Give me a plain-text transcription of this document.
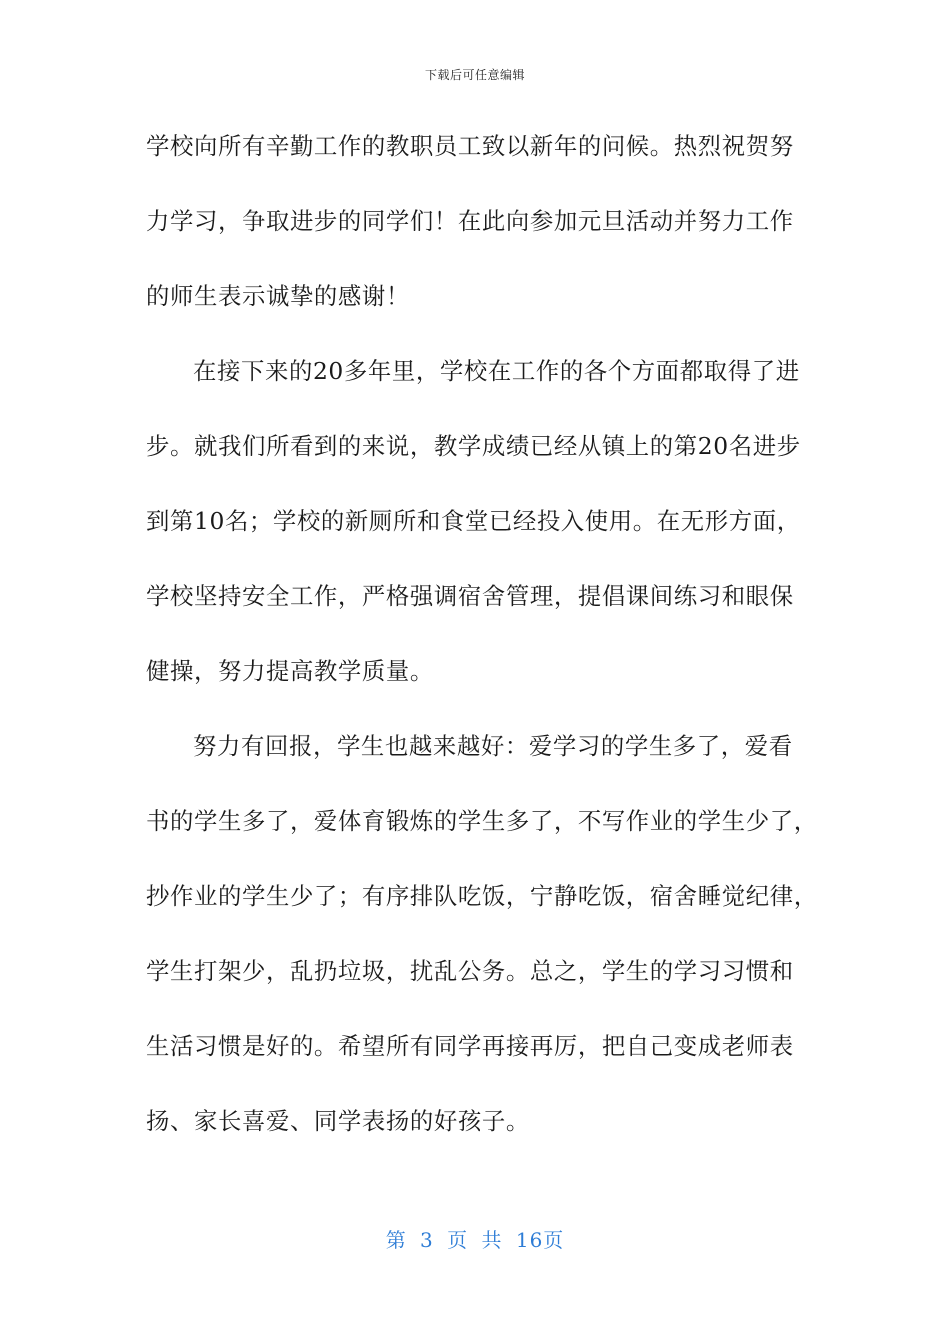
下载后可任意编辑
学校向所有辛勤工作的教职员工致以新年的问候。热烈祝贺努
力学习，争取进步的同学们！在此向参加元旦活动并努力工作
的师生表示诚挚的感谢！
在接下来的20多年里，学校在工作的各个方面都取得了进
步。就我们所看到的来说，教学成绩已经从镇上的第20名进步
到第10名；学校的新厕所和食堂已经投入使用。在无形方面，
学校坚持安全工作，严格强调宿舍管理，提倡课间练习和眼保
健操，努力提高教学质量。
努力有回报，学生也越来越好：爱学习的学生多了，爱看
书的学生多了，爱体育锻炼的学生多了，不写作业的学生少了，
抄作业的学生少了；有序排队吃饭，宁静吃饭，宿舍睡觉纪律，
学生打架少，乱扔垃圾，扰乱公务。总之，学生的学习习惯和
生活习惯是好的。希望所有同学再接再厉，把自己变成老师表
扬、家长喜爱、同学表扬的好孩子。
第 3 页 共 16页
